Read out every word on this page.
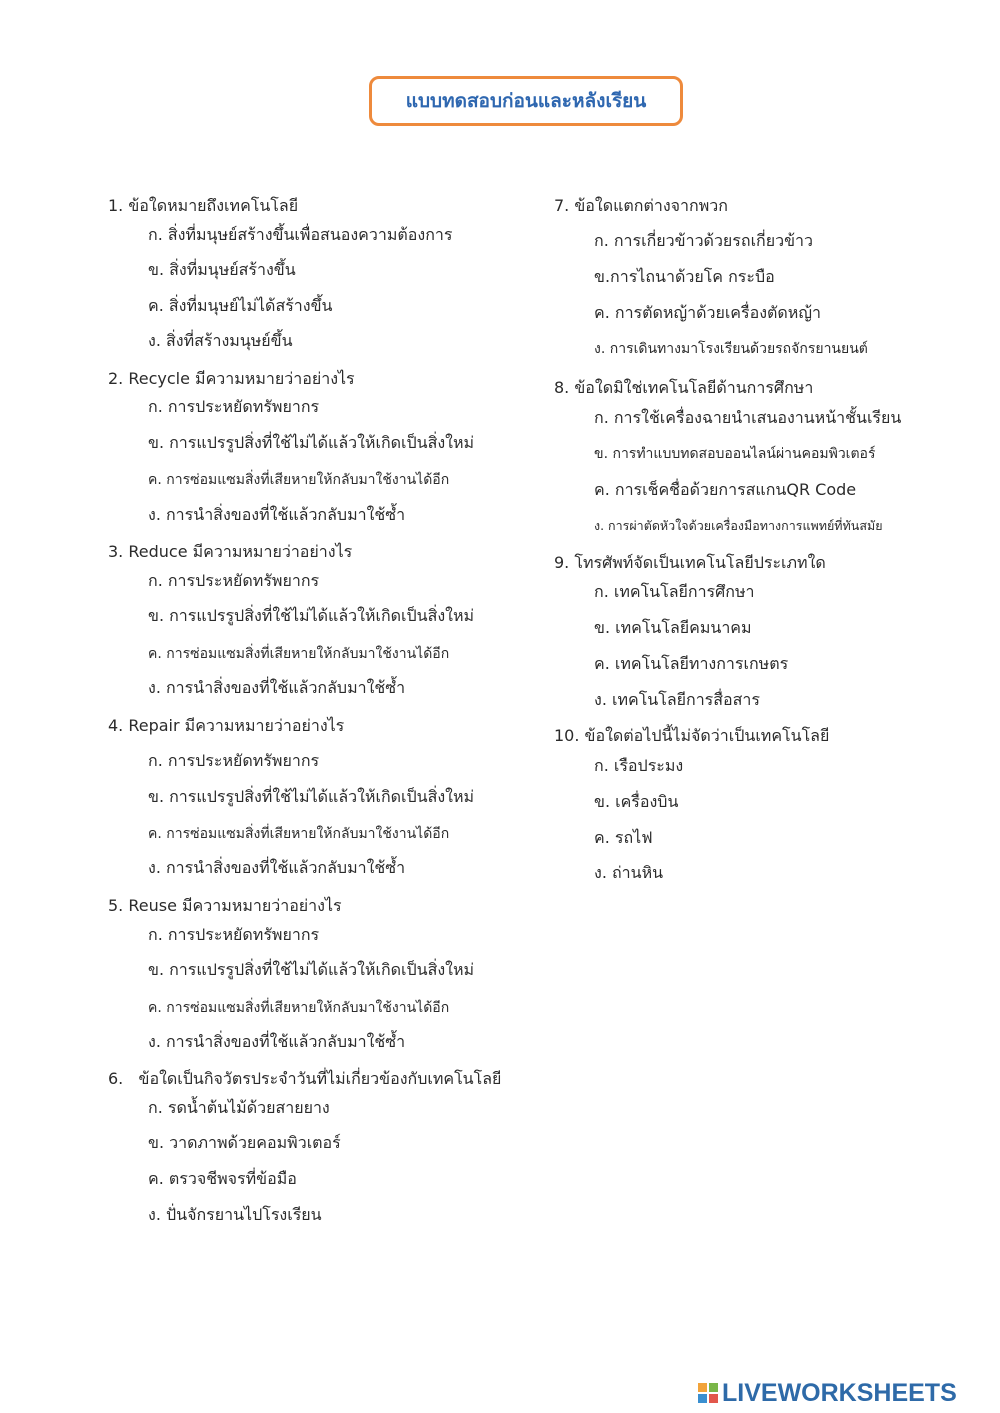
แบบทดสอบก่อนและหลังเรียน
1. ข้อใดหมายถึงเทคโนโลยี
ก. สิ่งที่มนุษย์สร้างขึ้นเพื่อสนองความต้องการ
ข. สิ่งที่มนุษย์สร้างขึ้น
ค. สิ่งที่มนุษย์ไม่ได้สร้างขึ้น
ง. สิ่งที่สร้างมนุษย์ขึ้น
2. Recycle มีความหมายว่าอย่างไร
ก. การประหยัดทรัพยากร
ข. การแปรรูปสิ่งที่ใช้ไม่ได้แล้วให้เกิดเป็นสิ่งใหม่
ค. การซ่อมแซมสิ่งที่เสียหายให้กลับมาใช้งานได้อีก
ง. การนำสิ่งของที่ใช้แล้วกลับมาใช้ซ้ำ
3. Reduce มีความหมายว่าอย่างไร
ก. การประหยัดทรัพยากร
ข. การแปรรูปสิ่งที่ใช้ไม่ได้แล้วให้เกิดเป็นสิ่งใหม่
ค. การซ่อมแซมสิ่งที่เสียหายให้กลับมาใช้งานได้อีก
ง. การนำสิ่งของที่ใช้แล้วกลับมาใช้ซ้ำ
4. Repair มีความหมายว่าอย่างไร
ก. การประหยัดทรัพยากร
ข. การแปรรูปสิ่งที่ใช้ไม่ได้แล้วให้เกิดเป็นสิ่งใหม่
ค. การซ่อมแซมสิ่งที่เสียหายให้กลับมาใช้งานได้อีก
ง. การนำสิ่งของที่ใช้แล้วกลับมาใช้ซ้ำ
5. Reuse มีความหมายว่าอย่างไร
ก. การประหยัดทรัพยากร
ข. การแปรรูปสิ่งที่ใช้ไม่ได้แล้วให้เกิดเป็นสิ่งใหม่
ค. การซ่อมแซมสิ่งที่เสียหายให้กลับมาใช้งานได้อีก
ง. การนำสิ่งของที่ใช้แล้วกลับมาใช้ซ้ำ
6.   ข้อใดเป็นกิจวัตรประจำวันที่ไม่เกี่ยวข้องกับเทคโนโลยี
ก. รดน้ำต้นไม้ด้วยสายยาง
ข. วาดภาพด้วยคอมพิวเตอร์
ค. ตรวจชีพจรที่ข้อมือ
ง. ปั่นจักรยานไปโรงเรียน
7. ข้อใดแตกต่างจากพวก
ก. การเกี่ยวข้าวด้วยรถเกี่ยวข้าว
ข.การไถนาด้วยโค กระบือ
ค. การตัดหญ้าด้วยเครื่องตัดหญ้า
ง. การเดินทางมาโรงเรียนด้วยรถจักรยานยนต์
8. ข้อใดมิใช่เทคโนโลยีด้านการศึกษา
ก. การใช้เครื่องฉายนำเสนองานหน้าชั้นเรียน
ข. การทำแบบทดสอบออนไลน์ผ่านคอมพิวเตอร์
ค. การเช็คชื่อด้วยการสแกนQR Code
ง. การผ่าตัดหัวใจด้วยเครื่องมือทางการแพทย์ที่ทันสมัย
9. โทรศัพท์จัดเป็นเทคโนโลยีประเภทใด
ก. เทคโนโลยีการศึกษา
ข. เทคโนโลยีคมนาคม
ค. เทคโนโลยีทางการเกษตร
ง. เทคโนโลยีการสื่อสาร
10. ข้อใดต่อไปนี้ไม่จัดว่าเป็นเทคโนโลยี
ก. เรือประมง
ข. เครื่องบิน
ค. รถไฟ
ง. ถ่านหิน
LIVEWORKSHEETS
